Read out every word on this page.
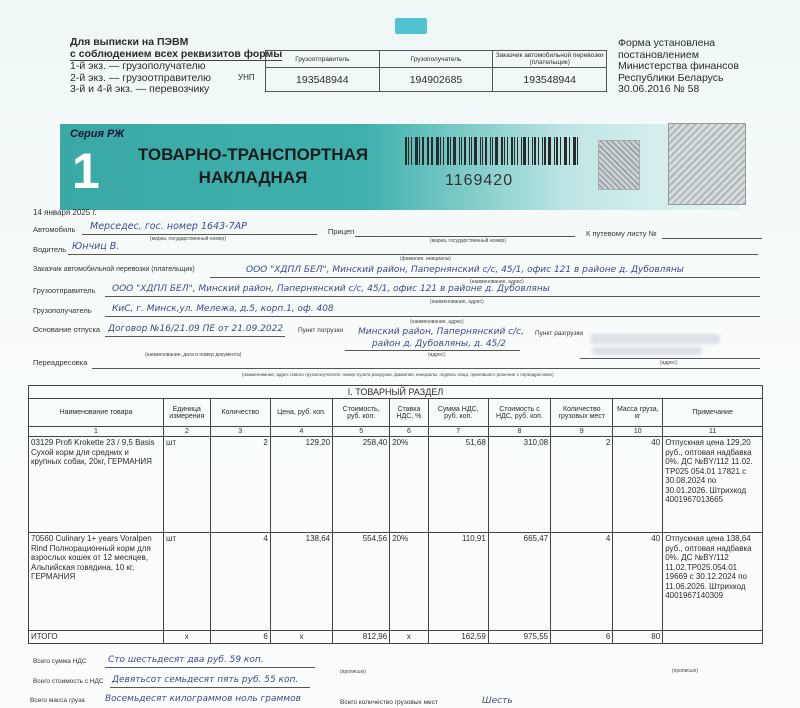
Для выписки на ПЭВМ
с соблюдением всех реквизитов формы
1-й экз. — грузополучателю
2-й экз. — грузоотправителю
3-й и 4-й экз. — перевозчику
УНП
Грузоотправитель
193548944
Грузополучатель
194902685
Заказчик автомобильной перевозки (плательщик)
193548944
Форма установлена
постановлением
Министерства финансов
Республики Беларусь
30.06.2016 № 58
Серия РЖ
1	ТОВАРНО-ТРАНСПОРТНАЯ
НАКЛАДНАЯ	1169420
14 января 2025 г.
Автомобиль Мерседес, гос. номер 1643-7АР
(марка, государственный номер)
Прицеп
(марка, государственный номер)
К путевому листу №
Водитель Юнчиц В.
(фамилия, инициалы)
Заказчик автомобильной перевозки (плательщик)	ООО "ХДПЛ БЕЛ", Минский район, Папернянский с/с, 45/1, офис 121 в районе д. Дубовляны
(наименование, адрес)
Грузоотправитель ООО "ХДПЛ БЕЛ", Минский район, Папернянский с/с, 45/1, офис 121 в районе д. Дубовляны
(наименование, адрес)
Грузополучатель КиС, г. Минск,ул. Мележа, д.5, корп.1, оф. 408
(наименование, адрес)
Основание отпуска Договор №16/21.09 ПЕ от 21.09.2022
(наименование, дата и номер документа)
Пункт погрузки Минский район, Папернянский с/с,
район д. Дубовляны, д. 45/2
(адрес)
Пункт разгрузки
(адрес)
Переадресовка
(наименование, адрес нового грузополучателя, номер пункта разгрузки, фамилия, инициалы, подпись лица, принявшего решение о переадресовке)
I. ТОВАРНЫЙ РАЗДЕЛ										
Наименование товара	Единица измерения	Количество	Цена, руб. коп.	Стоимость, руб. коп.	Ставка НДС, %	Сумма НДС, руб. коп.	Стоимость с НДС, руб. коп.	Количество грузовых мест	Масса груза, кг	Примечание
1	2	3	4	5	6	7	8	9	10	11
03129 Profi Krokette 23 / 9,5 Basis Сухой корм для средних и крупных собак, 20кг, ГЕРМАНИЯ	шт	2	129,20	258,40	20%	51,68	310,08	2	40	Отпускная цена 129,20 руб., оптовая надбавка 0%. ДС №BY/112 11.02. ТР025 054.01 17821 с 30.08.2024 по 30.01.2026. Штрихкод 4001967013665
70560 Culinary 1+ years Voralpen Rind Полнорационный корм для взрослых кошек от 12 месяцев, Альпийская говядина, 10 кг, ГЕРМАНИЯ	шт	4	138,64	554,56	20%	110,91	665,47	4	40	Отпускная цена 138,64 руб., оптовая надбавка 0%. ДС №BY/112 11.02.ТР025.054.01 19669 с 30.12.2024 по 11.06.2026. Штрихкод 4001967140309
ИТОГО	x	6	x	812,96	x	162,59	975,55	6	80	
Всего сумма НДС Сто шестьдесят два руб. 59 коп.
(прописью)
Всего стоимость с НДС Девятьсот семьдесят пять руб. 55 коп.
(прописью)
Всего масса груза Восемьдесят килограммов ноль граммов	Всего количество грузовых мест	Шесть
